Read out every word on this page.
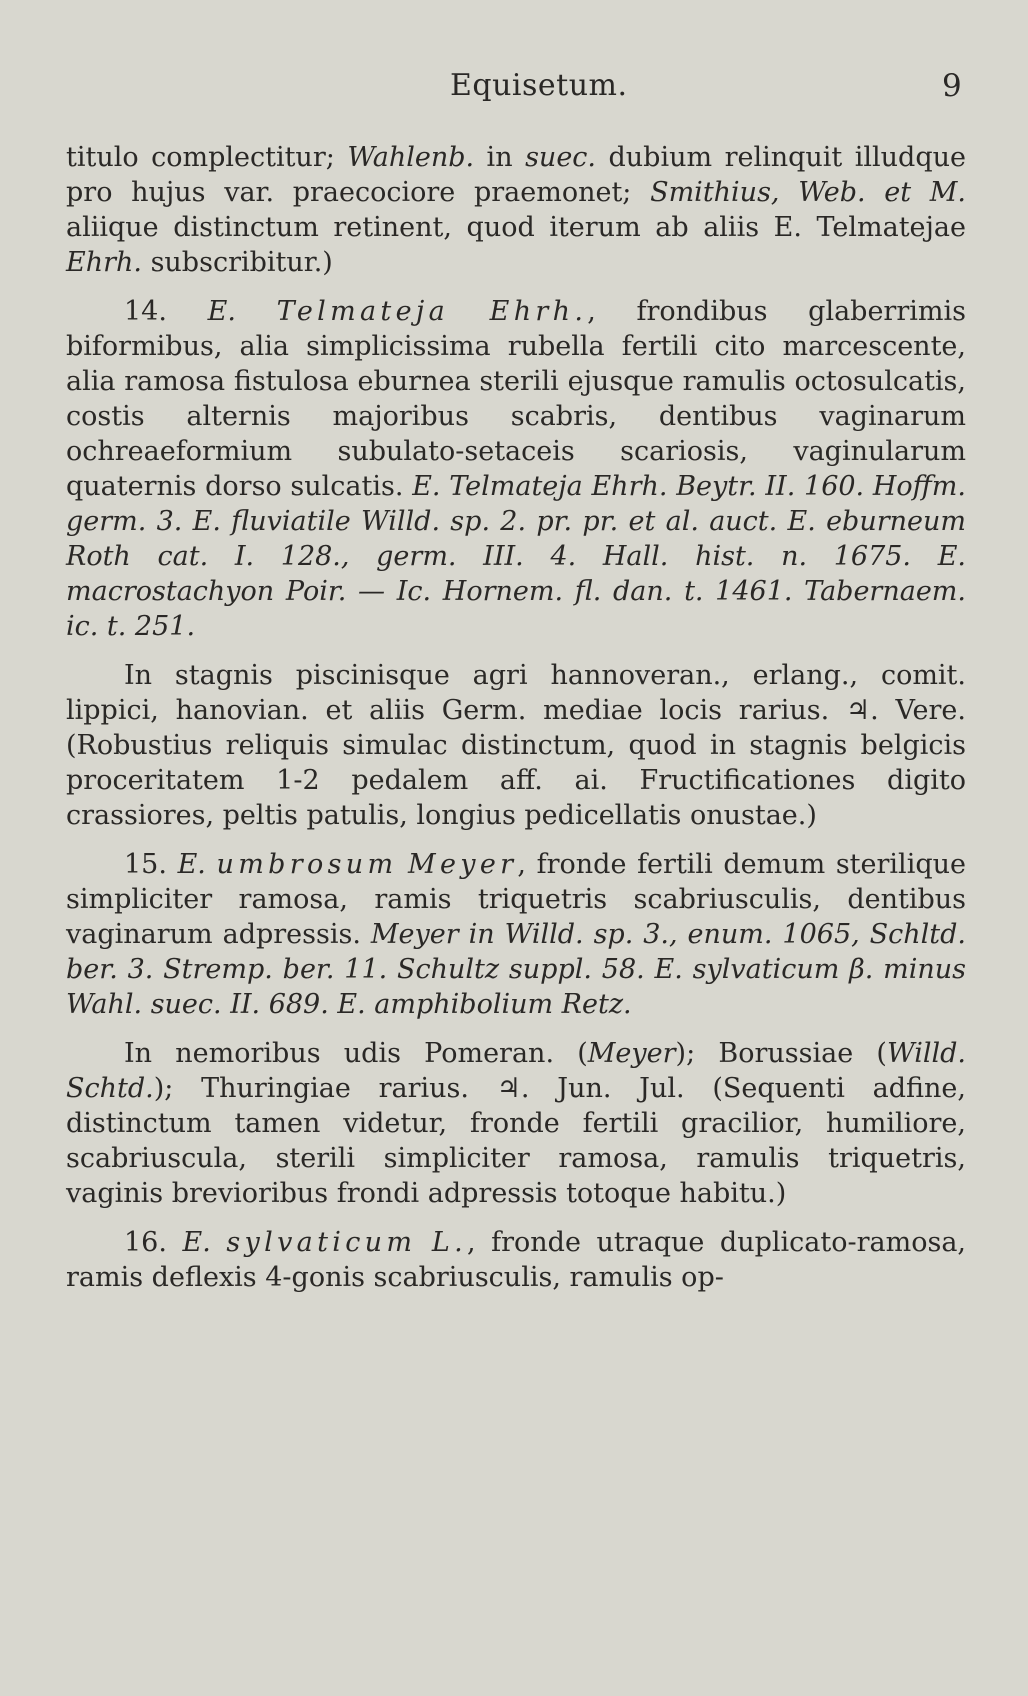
Equisetum.	9

titulo complectitur; Wahlenb. in suec. dubium relinquit illudque pro hujus var. praecociore praemonet; Smithius, Web. et M. aliique distinctum retinent, quod iterum ab aliis E. Telmatejae Ehrh. subscribitur.)

14. E. Telmateja Ehrh., frondibus glaberrimis biformibus, alia simplicissima rubella fertili cito marcescente, alia ramosa fistulosa eburnea sterili ejusque ramulis octosulcatis, costis alternis majoribus scabris, dentibus vaginarum ochreaeformium subulato-setaceis scariosis, vaginularum quaternis dorso sulcatis. E. Telmateja Ehrh. Beytr. II. 160. Hoffm. germ. 3. E. fluviatile Willd. sp. 2. pr. pr. et al. auct. E. eburneum Roth cat. I. 128., germ. III. 4. Hall. hist. n. 1675. E. macrostachyon Poir. — Ic. Hornem. fl. dan. t. 1461. Tabernaem. ic. t. 251.

In stagnis piscinisque agri hannoveran., erlang., comit. lippici, hanovian. et aliis Germ. mediae locis rarius. ♃. Vere. (Robustius reliquis simulac distinctum, quod in stagnis belgicis proceritatem 1-2 pedalem aff. ai. Fructificationes digito crassiores, peltis patulis, longius pedicellatis onustae.)

15. E. umbrosum Meyer, fronde fertili demum sterilique simpliciter ramosa, ramis triquetris scabriusculis, dentibus vaginarum adpressis. Meyer in Willd. sp. 3., enum. 1065, Schltd. ber. 3. Stremp. ber. 11. Schultz suppl. 58. E. sylvaticum β. minus Wahl. suec. II. 689. E. amphibolium Retz.

In nemoribus udis Pomeran. (Meyer); Borussiae (Willd. Schtd.); Thuringiae rarius. ♃. Jun. Jul. (Sequenti adfine, distinctum tamen videtur, fronde fertili gracilior, humiliore, scabriuscula, sterili simpliciter ramosa, ramulis triquetris, vaginis brevioribus frondi adpressis totoque habitu.)

16. E. sylvaticum L., fronde utraque duplicato-ramosa, ramis deflexis 4-gonis scabriusculis, ramulis op-
